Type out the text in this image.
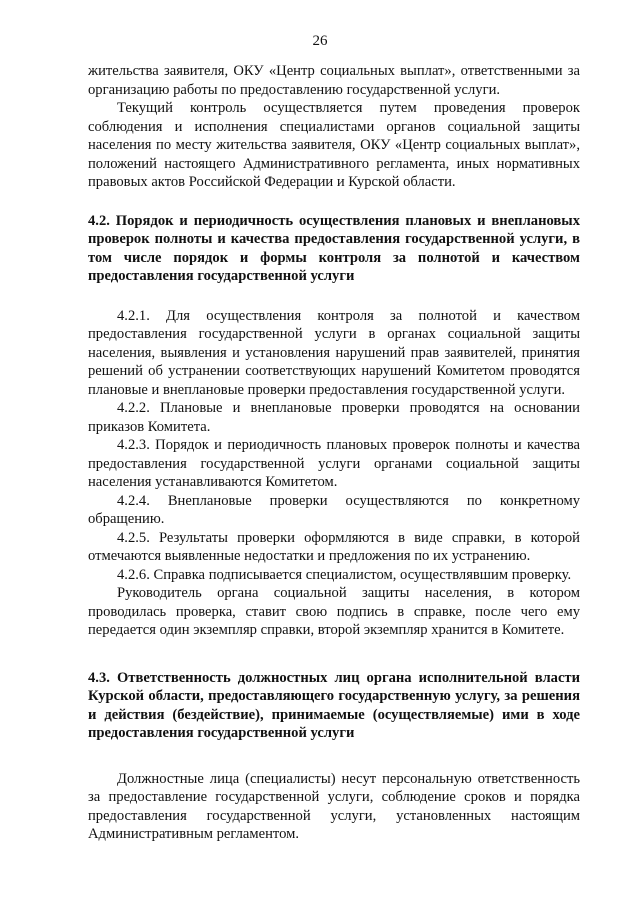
26

жительства заявителя, ОКУ «Центр социальных выплат», ответственными за организацию работы по предоставлению государственной услуги.

Текущий контроль осуществляется путем проведения проверок соблюдения и исполнения специалистами органов социальной защиты населения по месту жительства заявителя, ОКУ «Центр социальных выплат», положений настоящего Административного регламента, иных нормативных правовых актов Российской Федерации и Курской области.

4.2. Порядок и периодичность осуществления плановых и внеплановых проверок полноты и качества предоставления государственной услуги, в том числе порядок и формы контроля за полнотой и качеством предоставления государственной услуги

4.2.1. Для осуществления контроля за полнотой и качеством предоставления государственной услуги в органах социальной защиты населения, выявления и установления нарушений прав заявителей, принятия решений об устранении соответствующих нарушений Комитетом проводятся плановые и внеплановые проверки предоставления государственной услуги.

4.2.2. Плановые и внеплановые проверки проводятся на основании приказов Комитета.

4.2.3. Порядок и периодичность плановых проверок полноты и качества предоставления государственной услуги органами социальной защиты населения устанавливаются Комитетом.

4.2.4. Внеплановые проверки осуществляются по конкретному обращению.

4.2.5. Результаты проверки оформляются в виде справки, в которой отмечаются выявленные недостатки и предложения по их устранению.

4.2.6. Справка подписывается специалистом, осуществлявшим проверку.

Руководитель органа социальной защиты населения, в котором проводилась проверка, ставит свою подпись в справке, после чего ему передается один экземпляр справки, второй экземпляр хранится в Комитете.

4.3. Ответственность должностных лиц органа исполнительной власти Курской области, предоставляющего государственную услугу, за решения и действия (бездействие), принимаемые (осуществляемые) ими в ходе предоставления государственной услуги

Должностные лица (специалисты) несут персональную ответственность за предоставление государственной услуги, соблюдение сроков и порядка предоставления государственной услуги, установленных настоящим Административным регламентом.
